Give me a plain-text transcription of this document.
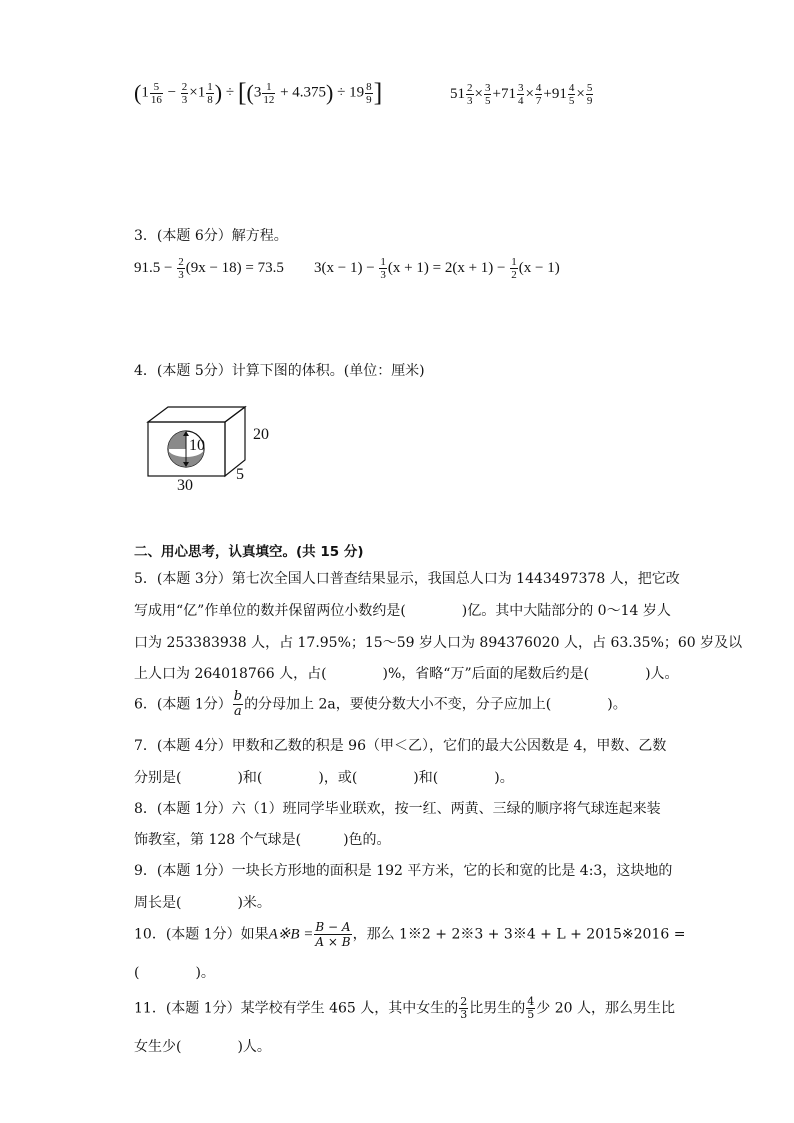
($1 \frac{5}{16} - \frac{2}{3} \times 1 \frac{1}{8}$ ) ÷ [$(3 \frac{1}{12} + 4.375) \div 19 \frac{8}{9}$ ]	$51 \frac{2}{3} \times \frac{3}{5} +71 \frac{3}{4} \times \frac{4}{7} +91 \frac{4}{5} \times \frac{5}{9}$
3．(本题 6分）解方程。
$91.5 - \frac{2}{3} (9x - 18) = 73.5$ $3(x - 1) - \frac{1}{3} (x + 1) = 2(x + 1) - \frac{1}{2} (x - 1)$
4．(本题 5分）计算下图的体积。(单位：厘米)
10
20
30
5
二、用心思考，认真填空。(共 15 分)
5．(本题 3分）第七次全国人口普查结果显示，我国总人口为 1443497378 人，把它改
写成用“亿”作单位的数并保留两位小数约是(　　　　)亿。其中大陆部分的 0～14 岁人
口为 253383938 人，占 17.95%；15～59 岁人口为 894376020 人，占 63.35%；60 岁及以
上人口为 264018766 人，占(　　　　)%，省略“万”后面的尾数后约是(　　　　)人。
6．(本题 1分） $\frac{b}{a}$ 的分母加上 2a，要使分数大小不变，分子应加上(　　　　)。
7．(本题 4分）甲数和乙数的积是 96（甲＜乙），它们的最大公因数是 4，甲数、乙数
分别是(　　　　)和(　　　　)，或(　　　　)和(　　　　)。
8．(本题 1分）六（1）班同学毕业联欢，按一红、两黄、三绿的顺序将气球连起来装
饰教室，第 128 个气球是(　　　)色的。
9．(本题 1分）一块长方形地的面积是 192 平方米，它的长和宽的比是 4:3，这块地的
周长是(　　　　)米。
10．(本题 1分）如果A※B = $\frac{B - A}{A \times B}$ ，那么 1※2 + 2※3 + 3※4 + L + 2015※2016 =
(　　　　)。
11．(本题 1分）某学校有学生 465 人，其中女生的 $\frac{2}{3}$ 比男生的 $\frac{4}{5}$ 少 20 人，那么男生比
女生少(　　　　)人。
